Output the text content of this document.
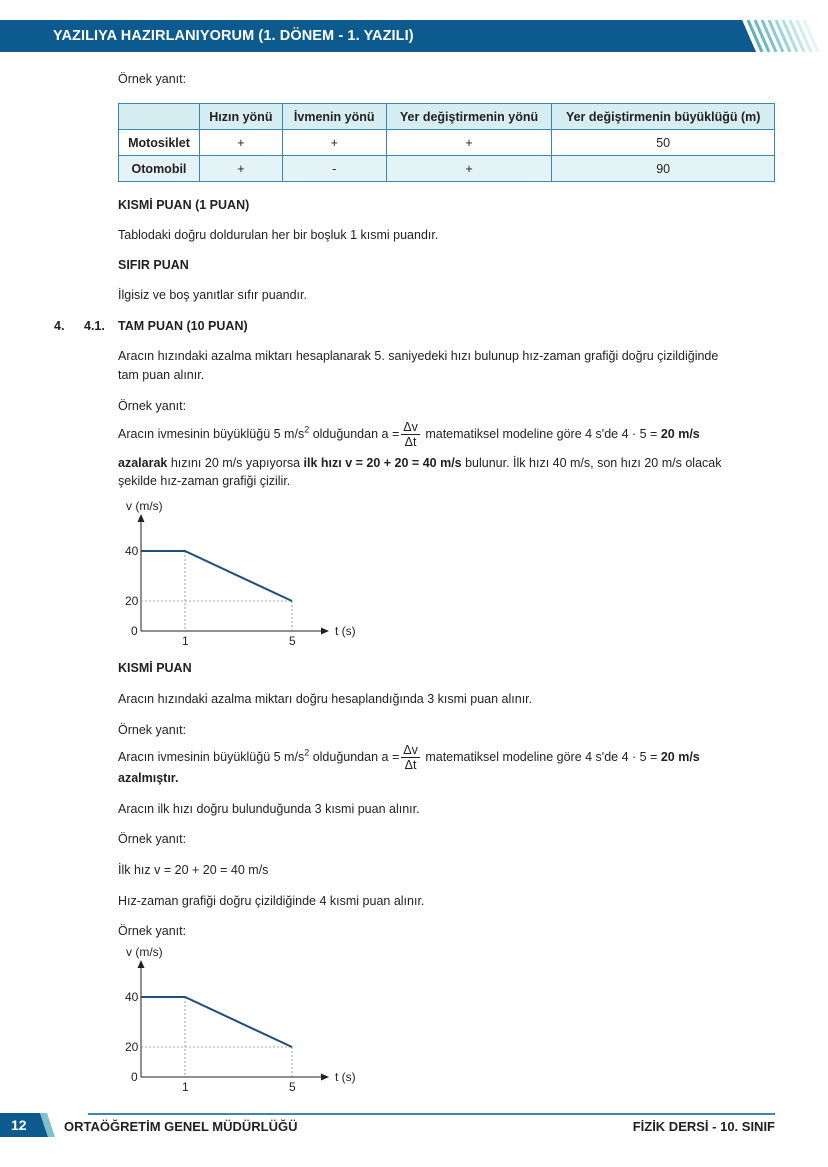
YAZILIYA HAZIRLANIYORUM (1. DÖNEM - 1. YAZILI)
Örnek yanıt:
	Hızın yönü	İvmenin yönü	Yer değiştirmenin yönü	Yer değiştirmenin büyüklüğü (m)
Motosiklet	+	+	+	50
Otomobil	+	-	+	90
KISMİ PUAN (1 PUAN)
Tablodaki doğru doldurulan her bir boşluk 1 kısmi puandır.
SIFIR PUAN
İlgisiz ve boş yanıtlar sıfır puandır.
4. 4.1. TAM PUAN (10 PUAN)
Aracın hızındaki azalma miktarı hesaplanarak 5. saniyedeki hızı bulunup hız-zaman grafiği doğru çizildiğinde
tam puan alınır.
Örnek yanıt:
Aracın ivmesinin büyüklüğü 5 $m/s^2$ olduğundan $a = \frac{\Delta v}{\Delta t}$ matematiksel modeline göre 4 s'de 4 · 5 = 20 m/s
azalarak hızını 20 m/s yapıyorsa ilk hızı v = 20 + 20 = 40 m/s bulunur. İlk hızı 40 m/s, son hızı 20 m/s olacak
şekilde hız-zaman grafiği çizilir.
v (m/s)
t (s)
40
20
0
1	5
KISMİ PUAN
Aracın hızındaki azalma miktarı doğru hesaplandığında 3 kısmi puan alınır.
Örnek yanıt:
Aracın ivmesinin büyüklüğü 5 $m/s^2$ olduğundan $a = \frac{\Delta v}{\Delta t}$ matematiksel modeline göre 4 s'de 4 · 5 = 20 m/s
azalmıştır.
Aracın ilk hızı doğru bulunduğunda 3 kısmi puan alınır.
Örnek yanıt:
İlk hız v = 20 + 20 = 40 m/s
Hız-zaman grafiği doğru çizildiğinde 4 kısmi puan alınır.
Örnek yanıt:
v (m/s)
t (s)
40
20
0
1	5
12	ORTAÖĞRETİM GENEL MÜDÜRLÜĞÜ	FİZİK DERSİ - 10. SINIF
